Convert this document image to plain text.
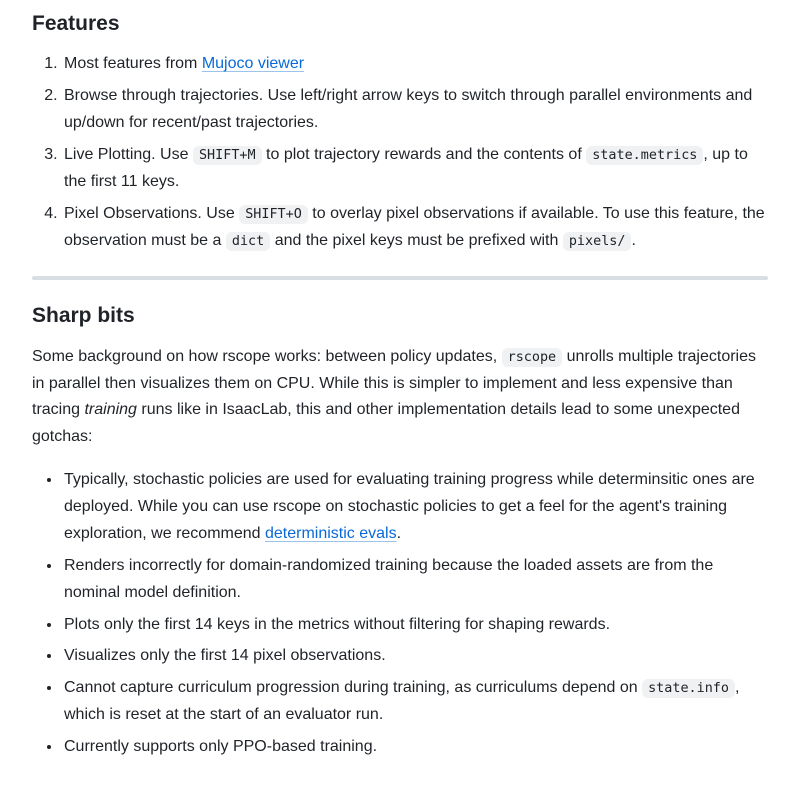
Features
1. Most features from Mujoco viewer
2. Browse through trajectories. Use left/right arrow keys to switch through parallel environments and up/down for recent/past trajectories.
3. Live Plotting. Use SHIFT+M to plot trajectory rewards and the contents of state.metrics , up to the first 11 keys.
4. Pixel Observations. Use SHIFT+O to overlay pixel observations if available. To use this feature, the observation must be a dict and the pixel keys must be prefixed with pixels/ .
Sharp bits

Some background on how rscope works: between policy updates, rscope unrolls multiple trajectories in parallel then visualizes them on CPU. While this is simpler to implement and less expensive than tracing training runs like in IsaacLab, this and other implementation details lead to some unexpected gotchas:

• Typically, stochastic policies are used for evaluating training progress while determinsitic ones are deployed. While you can use rscope on stochastic policies to get a feel for the agent's training exploration, we recommend deterministic evals.
• Renders incorrectly for domain-randomized training because the loaded assets are from the nominal model definition.
• Plots only the first 14 keys in the metrics without filtering for shaping rewards.
• Visualizes only the first 14 pixel observations.
• Cannot capture curriculum progression during training, as curriculums depend on state.info , which is reset at the start of an evaluator run.
• Currently supports only PPO-based training.
